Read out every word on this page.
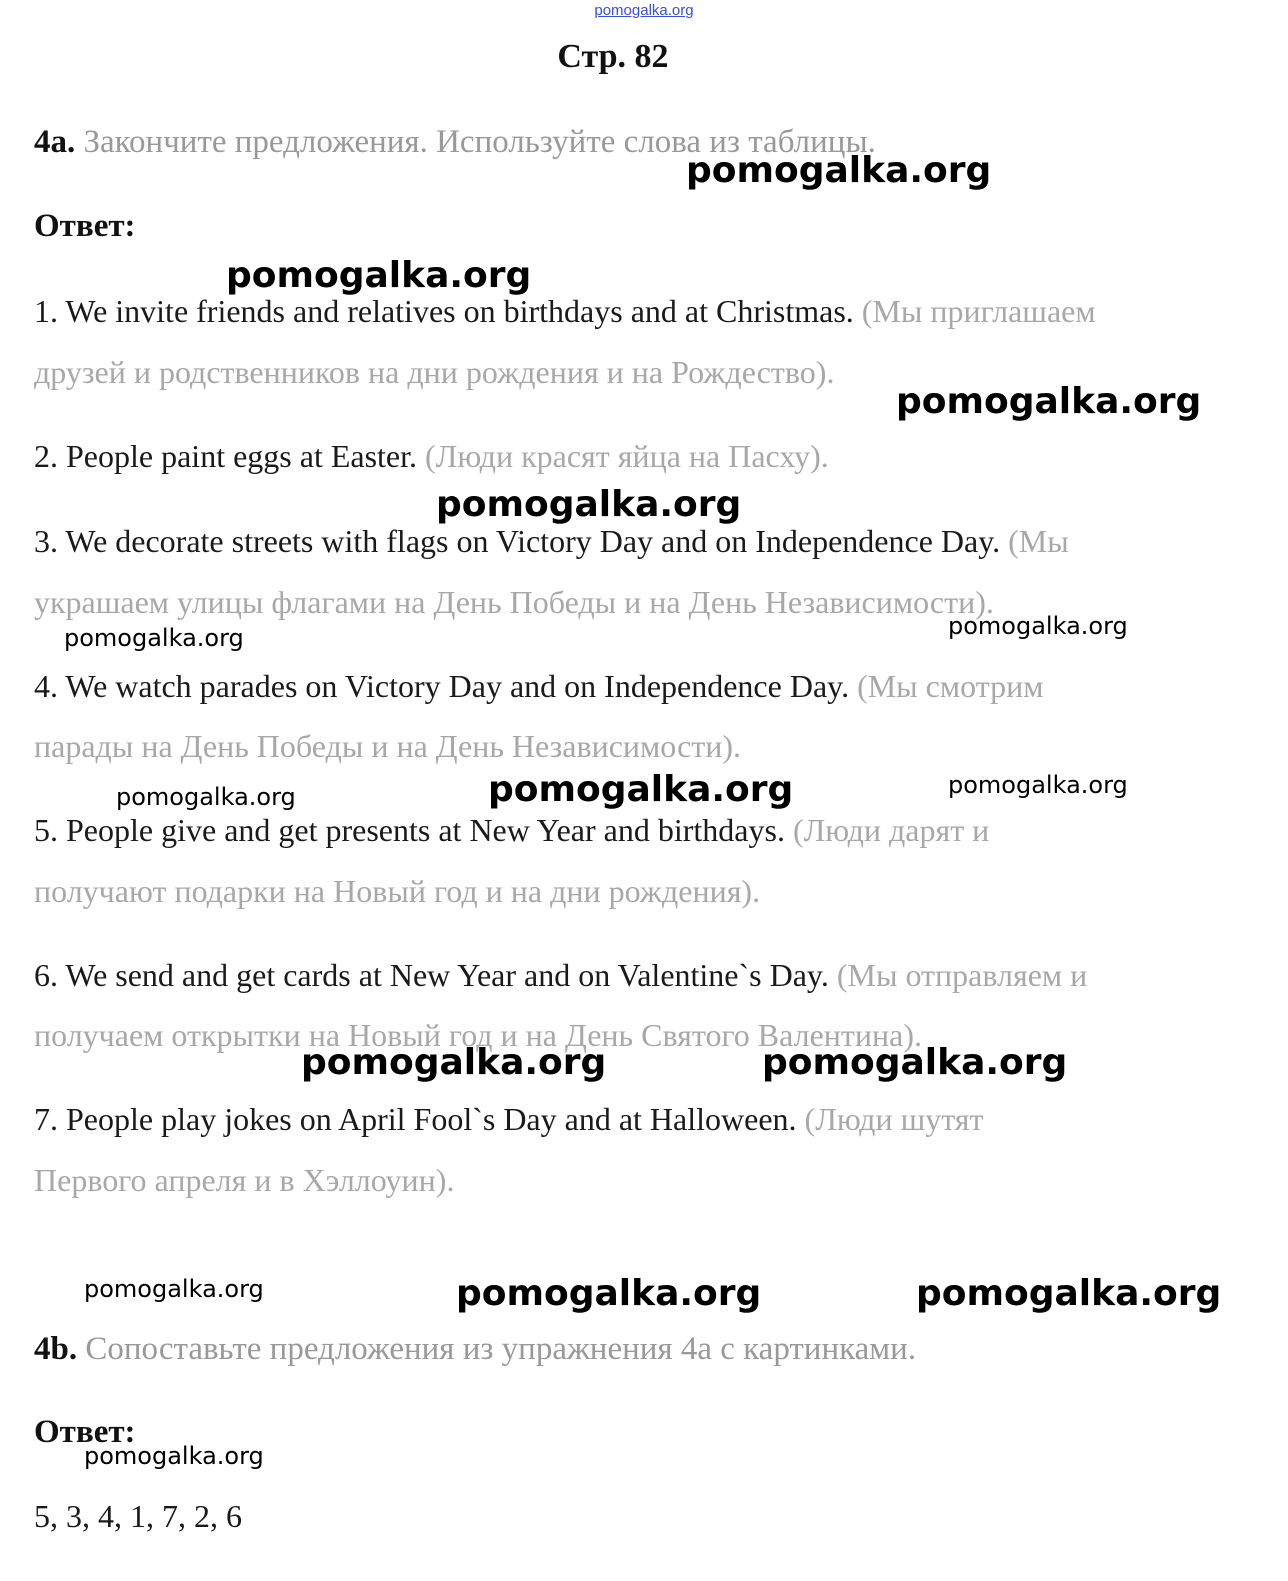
pomogalka.org
Стр. 82
4a. Закончите предложения. Используйте слова из таблицы.
Ответ:
1. We invite friends and relatives on birthdays and at Christmas. (Мы приглашаем
друзей и родственников на дни рождения и на Рождество).
2. People paint eggs at Easter. (Люди красят яйца на Пасху).
3. We decorate streets with flags on Victory Day and on Independence Day. (Мы
украшаем улицы флагами на День Победы и на День Независимости).
4. We watch parades on Victory Day and on Independence Day. (Мы смотрим
парады на День Победы и на День Независимости).
5. People give and get presents at New Year and birthdays. (Люди дарят и
получают подарки на Новый год и на дни рождения).
6. We send and get cards at New Year and on Valentine`s Day. (Мы отправляем и
получаем открытки на Новый год и на День Святого Валентина).
7. People play jokes on April Fool`s Day and at Halloween. (Люди шутят
Первого апреля и в Хэллоуин).
4b. Сопоставьте предложения из упражнения 4а с картинками.
Ответ:
5, 3, 4, 1, 7, 2, 6
pomogalka.org
pomogalka.org
pomogalka.org
pomogalka.org
pomogalka.org	pomogalka.org
pomogalka.org	pomogalka.org	pomogalka.org
pomogalka.org	pomogalka.org
pomogalka.org	pomogalka.org	pomogalka.org
pomogalka.org
